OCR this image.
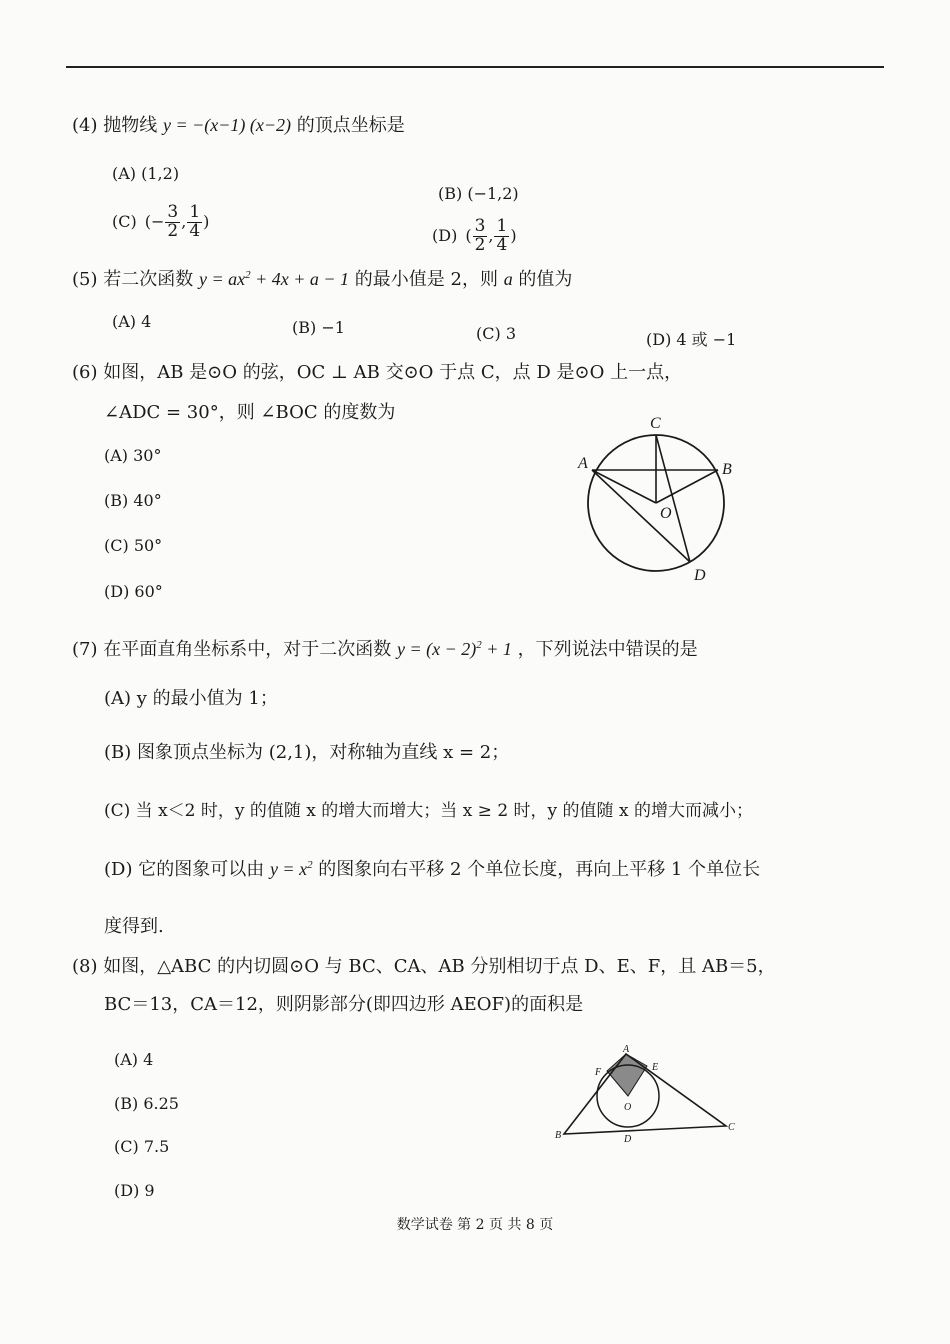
(4) 抛物线 y = −(x−1) (x−2) 的顶点坐标是
(A) (1,2)
(B) (−1,2)
(C) (− $\frac{3}{2}$ , $\frac{1}{4}$ )
(D) ( $\frac{3}{2}$ , $\frac{1}{4}$ )
(5) 若二次函数 $y = ax^2 + 4x + a - 1$ 的最小值是 2，则 a 的值为
(A) 4	(B) −1	(C) 3	(D) 4 或 −1
(6) 如图，AB 是⊙O 的弦，OC ⊥ AB 交⊙O 于点 C，点 D 是⊙O 上一点，
∠ADC = 30°，则 ∠BOC 的度数为
(A) 30°
(B) 40°
(C) 50°
(D) 60°
C
A	B
O
D
(7) 在平面直角坐标系中，对于二次函数 $y = (x - 2)^2 + 1$ ，下列说法中错误的是
(A) y 的最小值为 1；
(B) 图象顶点坐标为 (2,1)，对称轴为直线 x = 2；
(C) 当 x＜2 时，y 的值随 x 的增大而增大；当 x ≥ 2 时，y 的值随 x 的增大而减小；
(D) 它的图象可以由 $y = x^2$ 的图象向右平移 2 个单位长度，再向上平移 1 个单位长
度得到.
(8) 如图，△ABC 的内切圆⊙O 与 BC、CA、AB 分别相切于点 D、E、F，且 AB＝5，
BC＝13，CA＝12，则阴影部分(即四边形 AEOF)的面积是
(A) 4
(B) 6.25
(C) 7.5
(D) 9
A
E
F
O
B	D
C
数学试卷 第 2 页 共 8 页
